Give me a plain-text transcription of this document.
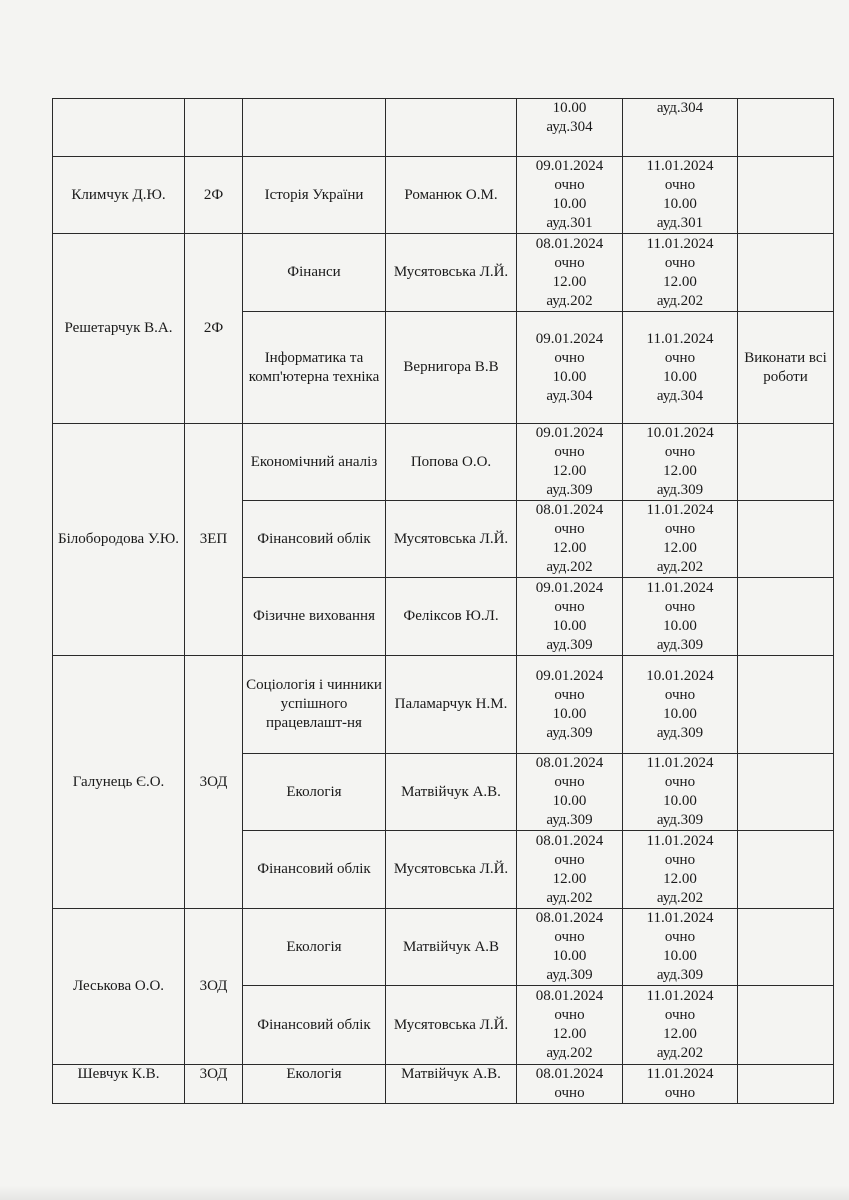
				10.00
ауд.304	ауд.304	

Климчук Д.Ю.	2Ф	Історія України	Романюк О.М.	09.01.2024
очно
10.00
ауд.301	11.01.2024
очно
10.00
ауд.301	

Решетарчук В.А.	2Ф	Фінанси	Мусятовська Л.Й.	08.01.2024
очно
12.00
ауд.202	11.01.2024
очно
12.00
ауд.202	

		Інформатика та комп'ютерна техніка	Вернигора В.В	09.01.2024
очно
10.00
ауд.304	11.01.2024
очно
10.00
ауд.304	Виконати всі роботи
Білобородова У.Ю.	3ЕП	Економічний аналіз	Попова О.О.	09.01.2024
очно
12.00
ауд.309	10.01.2024
очно
12.00
ауд.309	

		Фінансовий облік	Мусятовська Л.Й.	08.01.2024
очно
12.00
ауд.202	11.01.2024
очно
12.00
ауд.202	

		Фізичне виховання	Феліксов Ю.Л.	09.01.2024
очно
10.00
ауд.309	11.01.2024
очно
10.00
ауд.309	

Галунець Є.О.	3ОД	Соціологія і чинники успішного працевлашт-ня	Паламарчук Н.М.	09.01.2024
очно
10.00
ауд.309	10.01.2024
очно
10.00
ауд.309	

		Екологія	Матвійчук А.В.	08.01.2024
очно
10.00
ауд.309	11.01.2024
очно
10.00
ауд.309	

		Фінансовий облік	Мусятовська Л.Й.	08.01.2024
очно
12.00
ауд.202	11.01.2024
очно
12.00
ауд.202	

Леськова О.О.	3ОД	Екологія	Матвійчук А.В	08.01.2024
очно
10.00
ауд.309	11.01.2024
очно
10.00
ауд.309	

		Фінансовий облік	Мусятовська Л.Й.	08.01.2024
очно
12.00
ауд.202	11.01.2024
очно
12.00
ауд.202	

Шевчук К.В.	3ОД	Екологія	Матвійчук А.В.	08.01.2024
очно	11.01.2024
очно	
